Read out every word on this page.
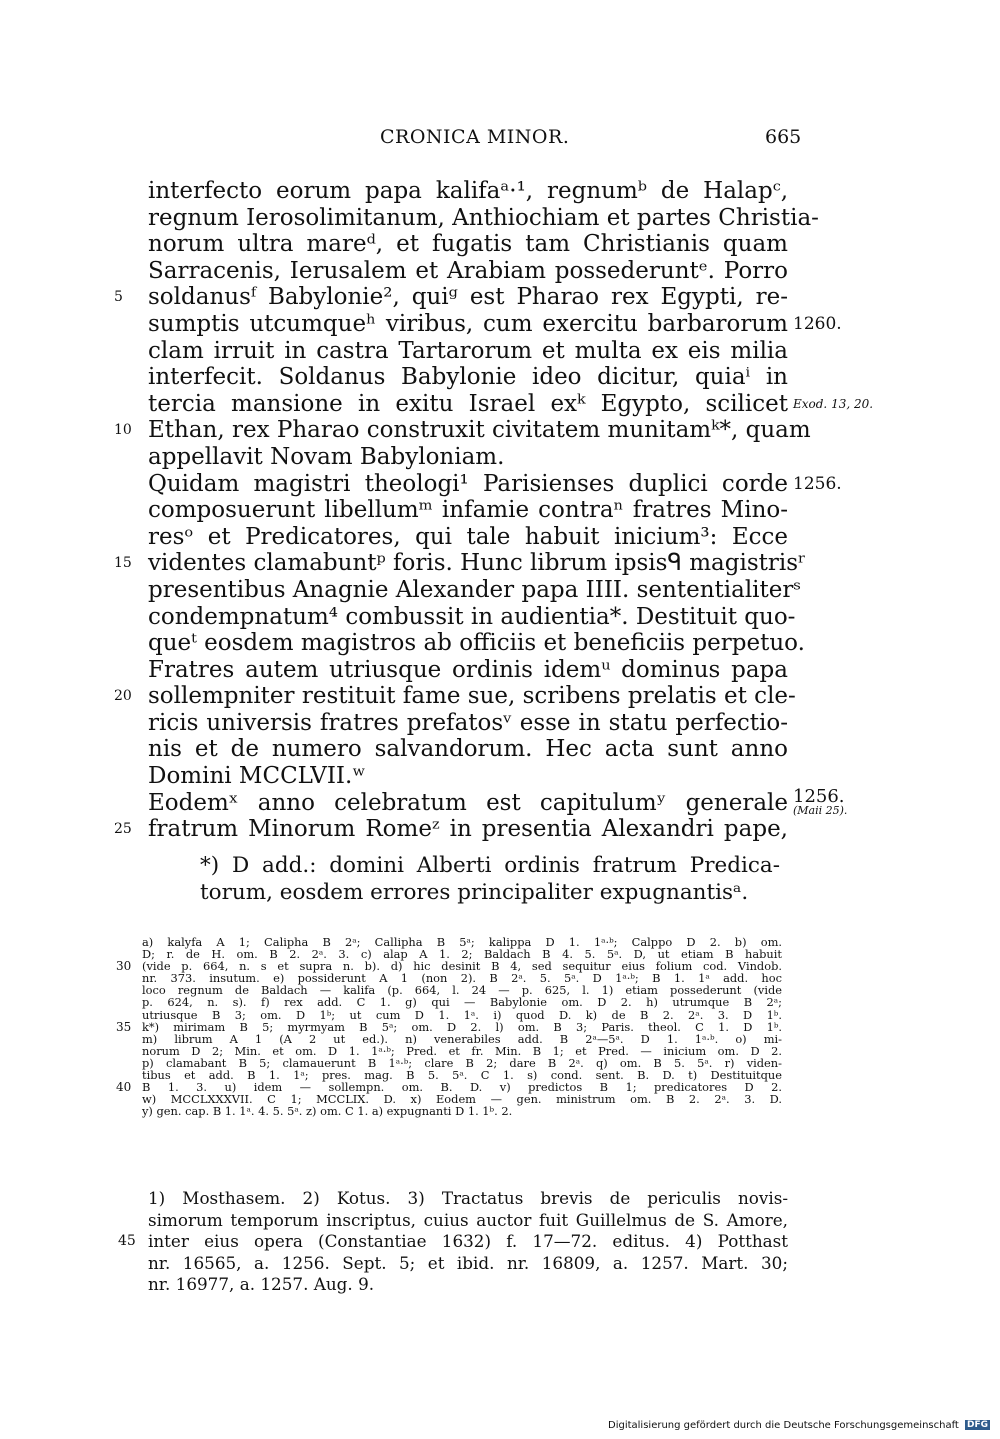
CRONICA MINOR.	665
interfecto eorum papa kalifaᵃ·¹, regnumᵇ de Halapᶜ,
regnum Ierosolimitanum, Anthiochiam et partes Christia-
norum ultra mareᵈ, et fugatis tam Christianis quam
Sarracenis, Ierusalem et Arabiam possederuntᵉ. Porro
5	soldanusᶠ Babylonie², quiᵍ est Pharao rex Egypti, re-
sumptis utcumqueʰ viribus, cum exercitu barbarorum 1260.
clam irruit in castra Tartarorum et multa ex eis milia
interfecit. Soldanus Babylonie ideo dicitur, quiaⁱ in
tercia mansione in exitu Israel exᵏ Egypto, scilicet Exod. 13, 20.
10 Ethan, rex Pharao construxit civitatem munitamᵏ*, quam
appellavit Novam Babyloniam.
Quidam magistri theologi¹ Parisienses duplici corde 1256.
composuerunt libellumᵐ infamie contraⁿ fratres Mino-
resᵒ et Predicatores, qui tale habuit inicium³: Ecce
15 videntes clamabuntᵖ foris. Hunc librum ipsisᑫ magistrisʳ
presentibus Anagnie Alexander papa IIII. sententialiterˢ
condempnatum⁴ combussit in audientia*. Destituit quo-
queᵗ eosdem magistros ab officiis et beneficiis perpetuo.
Fratres autem utriusque ordinis idemᵘ dominus papa
20 sollempniter restituit fame sue, scribens prelatis et cle-
ricis universis fratres prefatosᵛ esse in statu perfectio-
nis et de numero salvandorum. Hec acta sunt anno
Domini MCCLVII.ʷ
Eodemˣ anno celebratum est capitulumʸ generale 1256.
(Maii 25).
25 fratrum Minorum Romeᶻ in presentia Alexandri pape,
*) D add.: domini Alberti ordinis fratrum Predica-
torum, eosdem errores principaliter expugnantisᵃ.
a) kalyfa A 1; Calipha B 2ᵃ; Callipha B 5ᵃ; kalippa D 1. 1ᵃ·ᵇ; Calppo D 2. b) om.
D; r. de H. om. B 2. 2ᵃ. 3. c) alap A 1. 2; Baldach B 4. 5. 5ᵃ. D, ut etiam B habuit
30 (vide p. 664, n. s et supra n. b). d) hic desinit B 4, sed sequitur eius folium cod. Vindob.
nr. 373. insutum. e) possiderunt A 1 (non 2). B 2ᵃ. 5. 5ᵃ. D 1ᵃ·ᵇ; B 1. 1ᵃ add. hoc
loco regnum de Baldach — kalifa (p. 664, l. 24 — p. 625, l. 1) etiam possederunt (vide
p. 624, n. s). f) rex add. C 1. g) qui — Babylonie om. D 2. h) utrumque B 2ᵃ;
utriusque B 3; om. D 1ᵇ; ut cum D 1. 1ᵃ. i) quod D. k) de B 2. 2ᵃ. 3. D 1ᵇ.
35 k*) mirimam B 5; myrmyam B 5ᵃ; om. D 2. l) om. B 3; Paris. theol. C 1. D 1ᵇ.
m) librum A 1 (A 2 ut ed.). n) venerabiles add. B 2ᵃ—5ᵃ. D 1. 1ᵃ·ᵇ. o) mi-
norum D 2; Min. et om. D 1. 1ᵃ·ᵇ; Pred. et fr. Min. B 1; et Pred. — inicium om. D 2.
p) clamabant B 5; clamauerunt B 1ᵃ·ᵇ; clare B 2; dare B 2ᵃ. q) om. B 5. 5ᵃ. r) viden-
tibus et add. B 1. 1ᵃ; pres. mag. B 5. 5ᵃ. C 1. s) cond. sent. B. D. t) Destituitque
40 B 1. 3. u) idem — sollempn. om. B. D. v) predictos B 1; predicatores D 2.
w) MCCLXXXVII. C 1; MCCLIX. D. x) Eodem — gen. ministrum om. B 2. 2ᵃ. 3. D.
y) gen. cap. B 1. 1ᵃ. 4. 5. 5ᵃ. z) om. C 1. a) expugnanti D 1. 1ᵇ. 2.
1) Mosthasem. 2) Kotus. 3) Tractatus brevis de periculis novis-
simorum temporum inscriptus, cuius auctor fuit Guillelmus de S. Amore,
45 inter eius opera (Constantiae 1632) f. 17—72. editus. 4) Potthast
nr. 16565, a. 1256. Sept. 5; et ibid. nr. 16809, a. 1257. Mart. 30;
nr. 16977, a. 1257. Aug. 9.
Digitalisierung gefördert durch die Deutsche Forschungsgemeinschaft DFG
